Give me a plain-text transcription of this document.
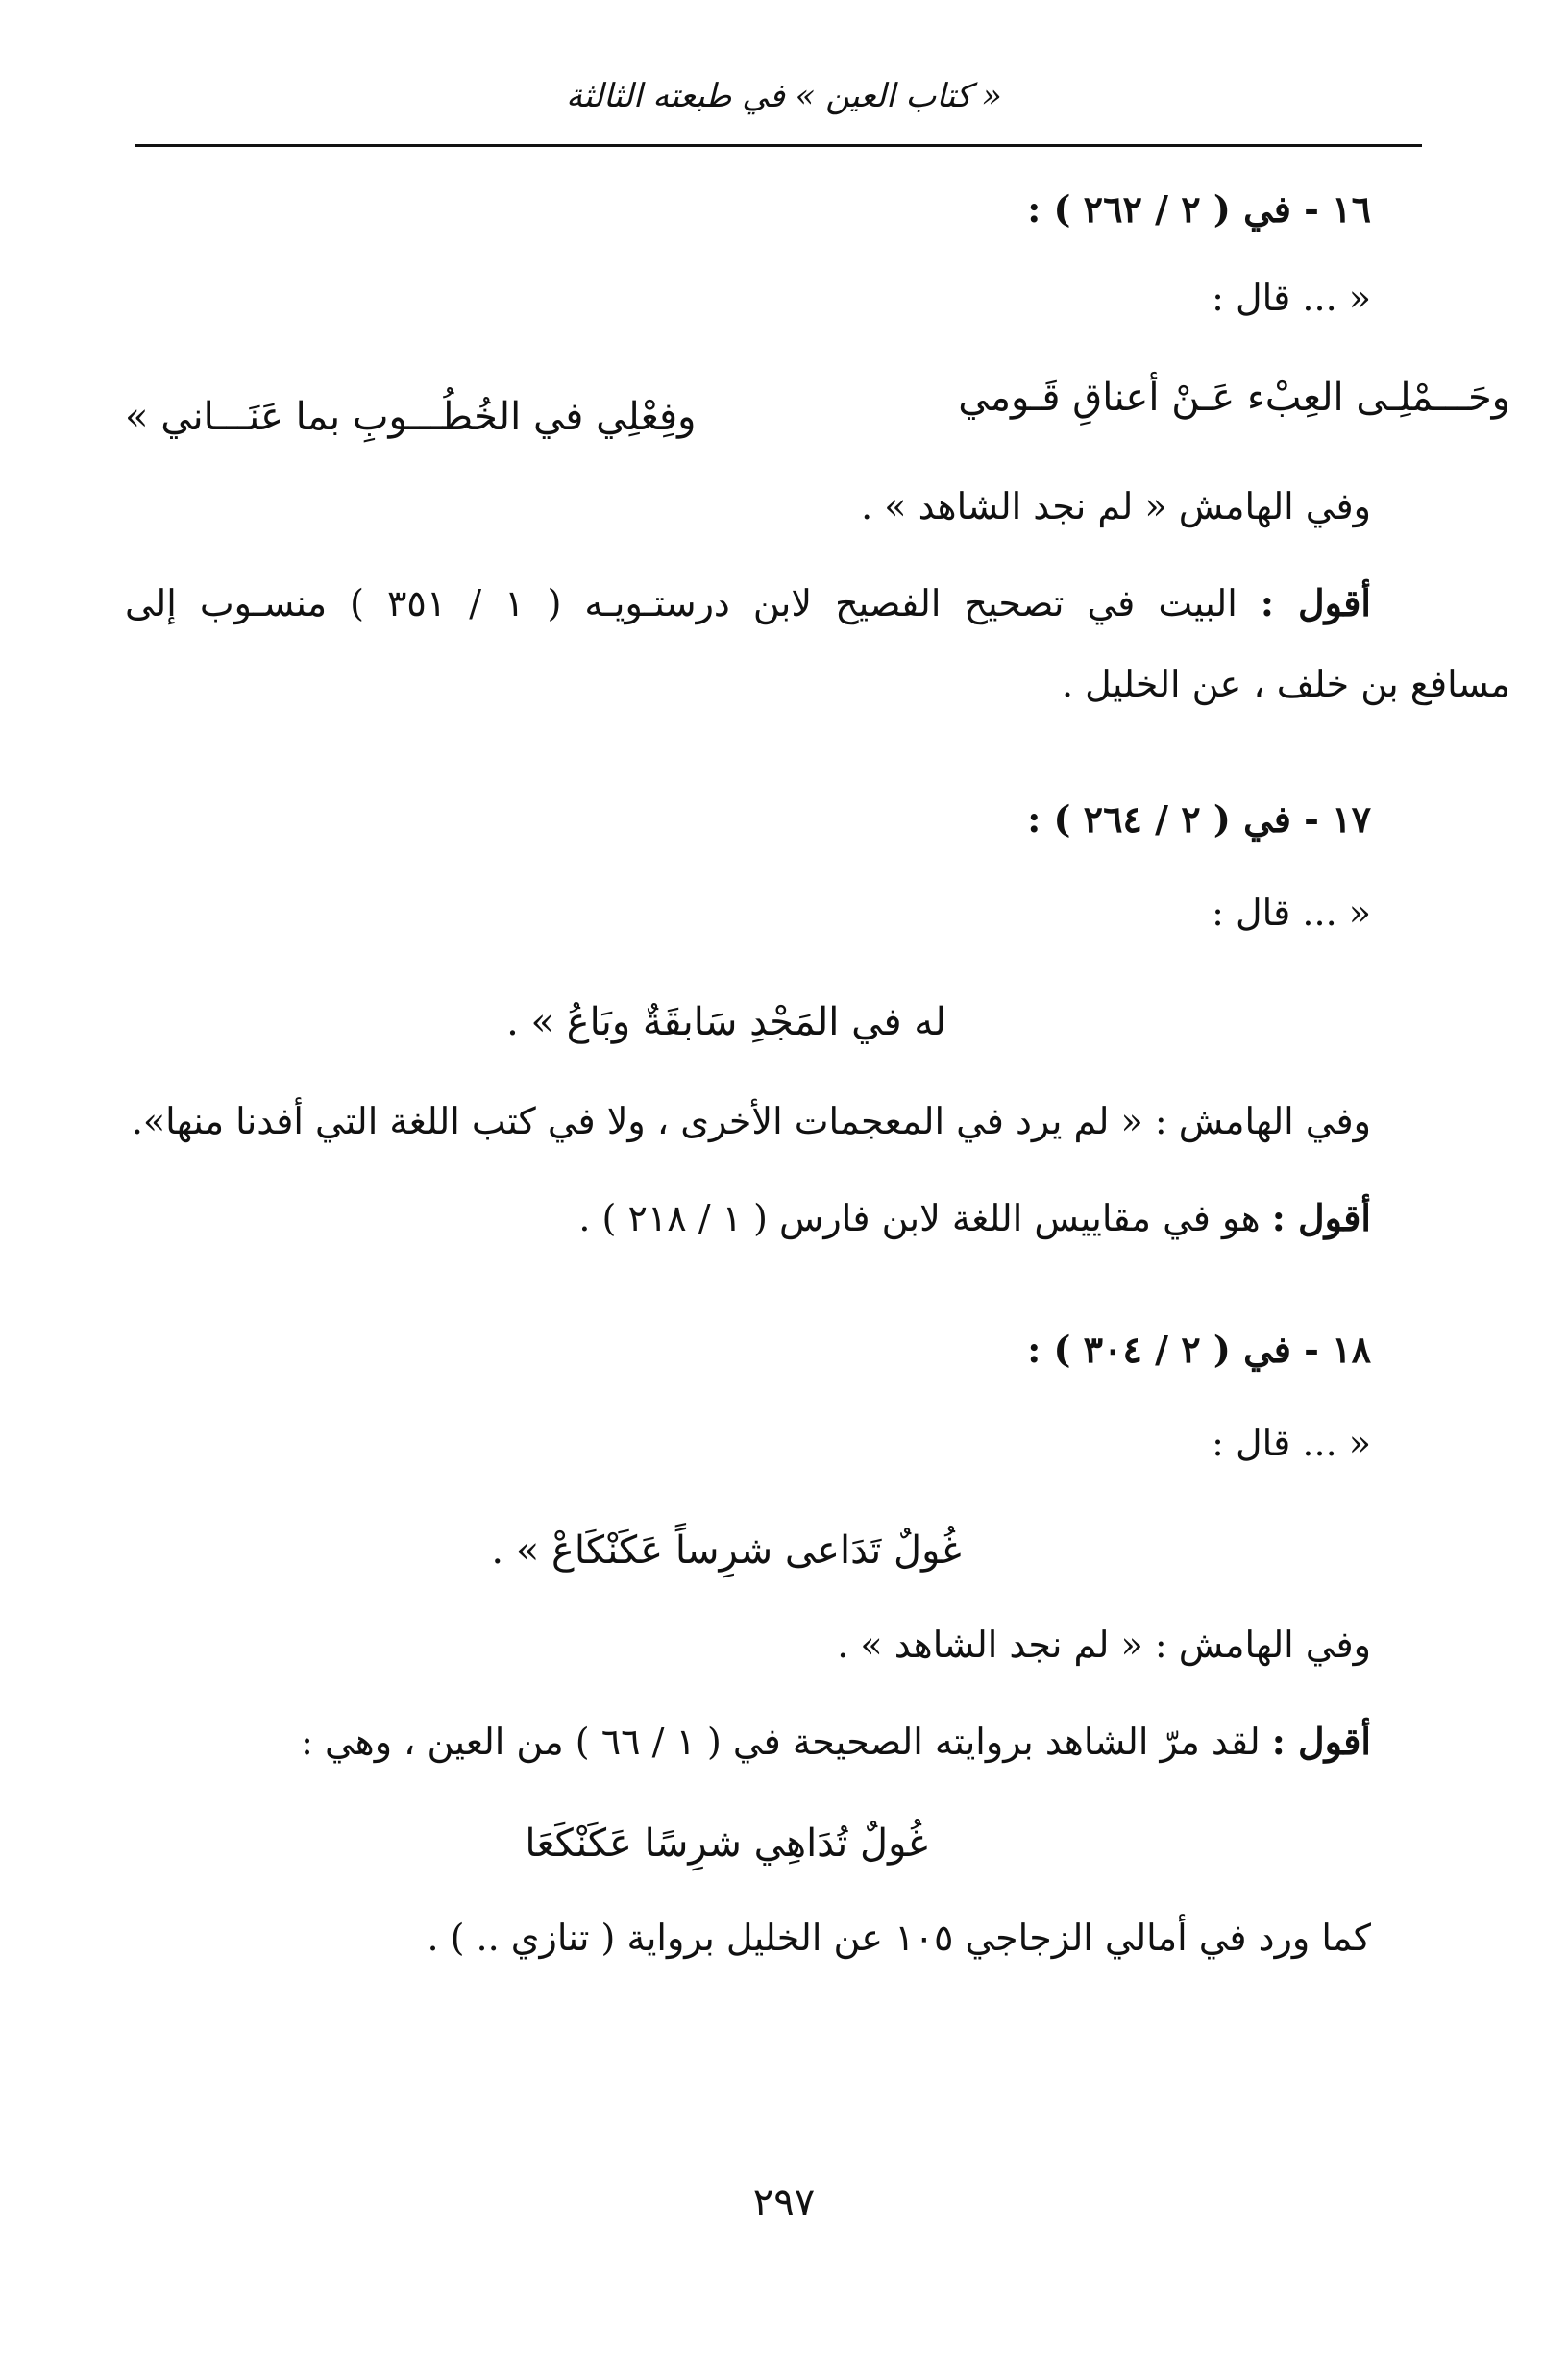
« كتاب العين » في طبعته الثالثة
١٦ - في ( ٢ / ٢٦٢ ) :
« ... قال :
وحَـــمْلِـى العِبْء عَـنْ أعناقِ قَـومي
وفِعْلِي في الخُطُـــوبِ بما عَنَـــاني »
وفي الهامش « لم نجد الشاهد » .
أقول : البيت في تصحيح الفصيح لابن درستـويـه ( ١ / ٣٥١ ) منسـوب إلى
مسافع بن خلف ، عن الخليل .
١٧ - في ( ٢ / ٢٦٤ ) :
« ... قال :
له في المَجْدِ سَابقَةٌ وبَاعُ » .
وفي الهامش : « لم يرد في المعجمات الأخرى ، ولا في كتب اللغة التي أفدنا منها».
أقول : هو في مقاييس اللغة لابن فارس ( ١ / ٢١٨ ) .
١٨ - في ( ٢ / ٣٠٤ ) :
« ... قال :
غُولٌ تَدَاعى شرِساً عَكَنْكَاعْ » .
وفي الهامش : « لم نجد الشاهد » .
أقول : لقد مرّ الشاهد بروايته الصحيحة في ( ١ / ٦٦ ) من العين ، وهي :
غُولٌ تُدَاهِي شرِسًا عَكَنْكَعَا
كما ورد في أمالي الزجاجي ١٠٥ عن الخليل برواية ( تنازي .. ) .
٢٩٧
